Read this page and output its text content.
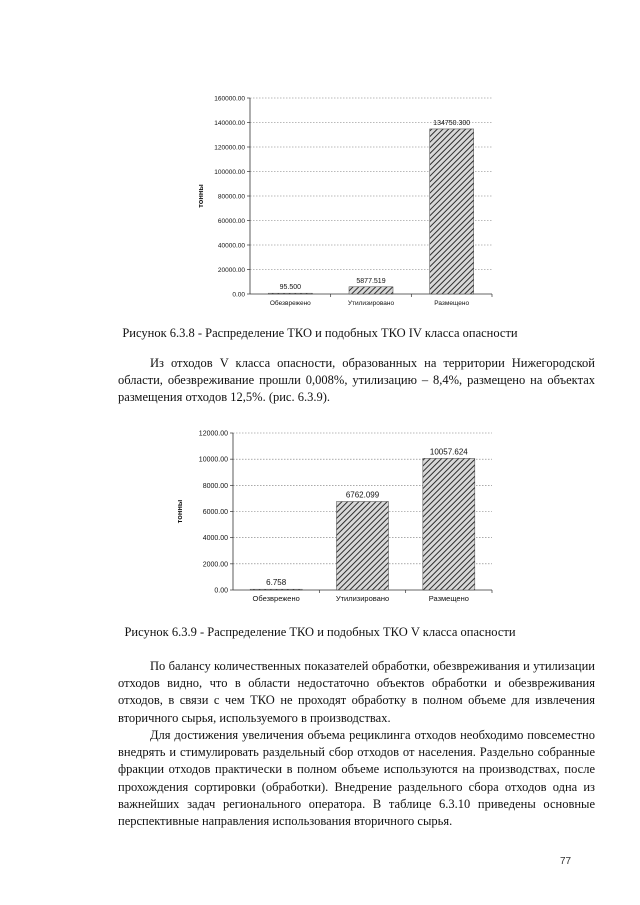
0.00
20000.00
40000.00
60000.00
80000.00
100000.00
120000.00
140000.00
160000.00
тонны
95.500
Обезврежено
5877.519
Утилизировано
134750.300
Размещено
0.00
2000.00
4000.00
6000.00
8000.00
10000.00
12000.00
тонны
6.758
Обезврежено
6762.099
Утилизировано
10057.624
Размещено
Рисунок 6.3.8 - Распределение ТКО и подобных ТКО IV класса опасности

Из отходов V класса опасности, образованных на территории Нижегородской области, обезвреживание прошли 0,008%, утилизацию – 8,4%, размещено на объектах размещения отходов 12,5%. (рис. 6.3.9).

Рисунок 6.3.9 - Распределение ТКО и подобных ТКО V класса опасности

По балансу количественных показателей обработки, обезвреживания и утилизации отходов видно, что в области недостаточно объектов обработки и обезвреживания отходов, в связи с чем ТКО не проходят обработку в полном объеме для извлечения вторичного сырья, используемого в производствах.

Для достижения увеличения объема рециклинга отходов необходимо повсеместно внедрять и стимулировать раздельный сбор отходов от населения. Раздельно собранные фракции отходов практически в полном объеме используются на производствах, после прохождения сортировки (обработки). Внедрение раздельного сбора отходов одна из важнейших задач регионального оператора. В таблице 6.3.10 приведены основные перспективные направления использования вторичного сырья.

77
